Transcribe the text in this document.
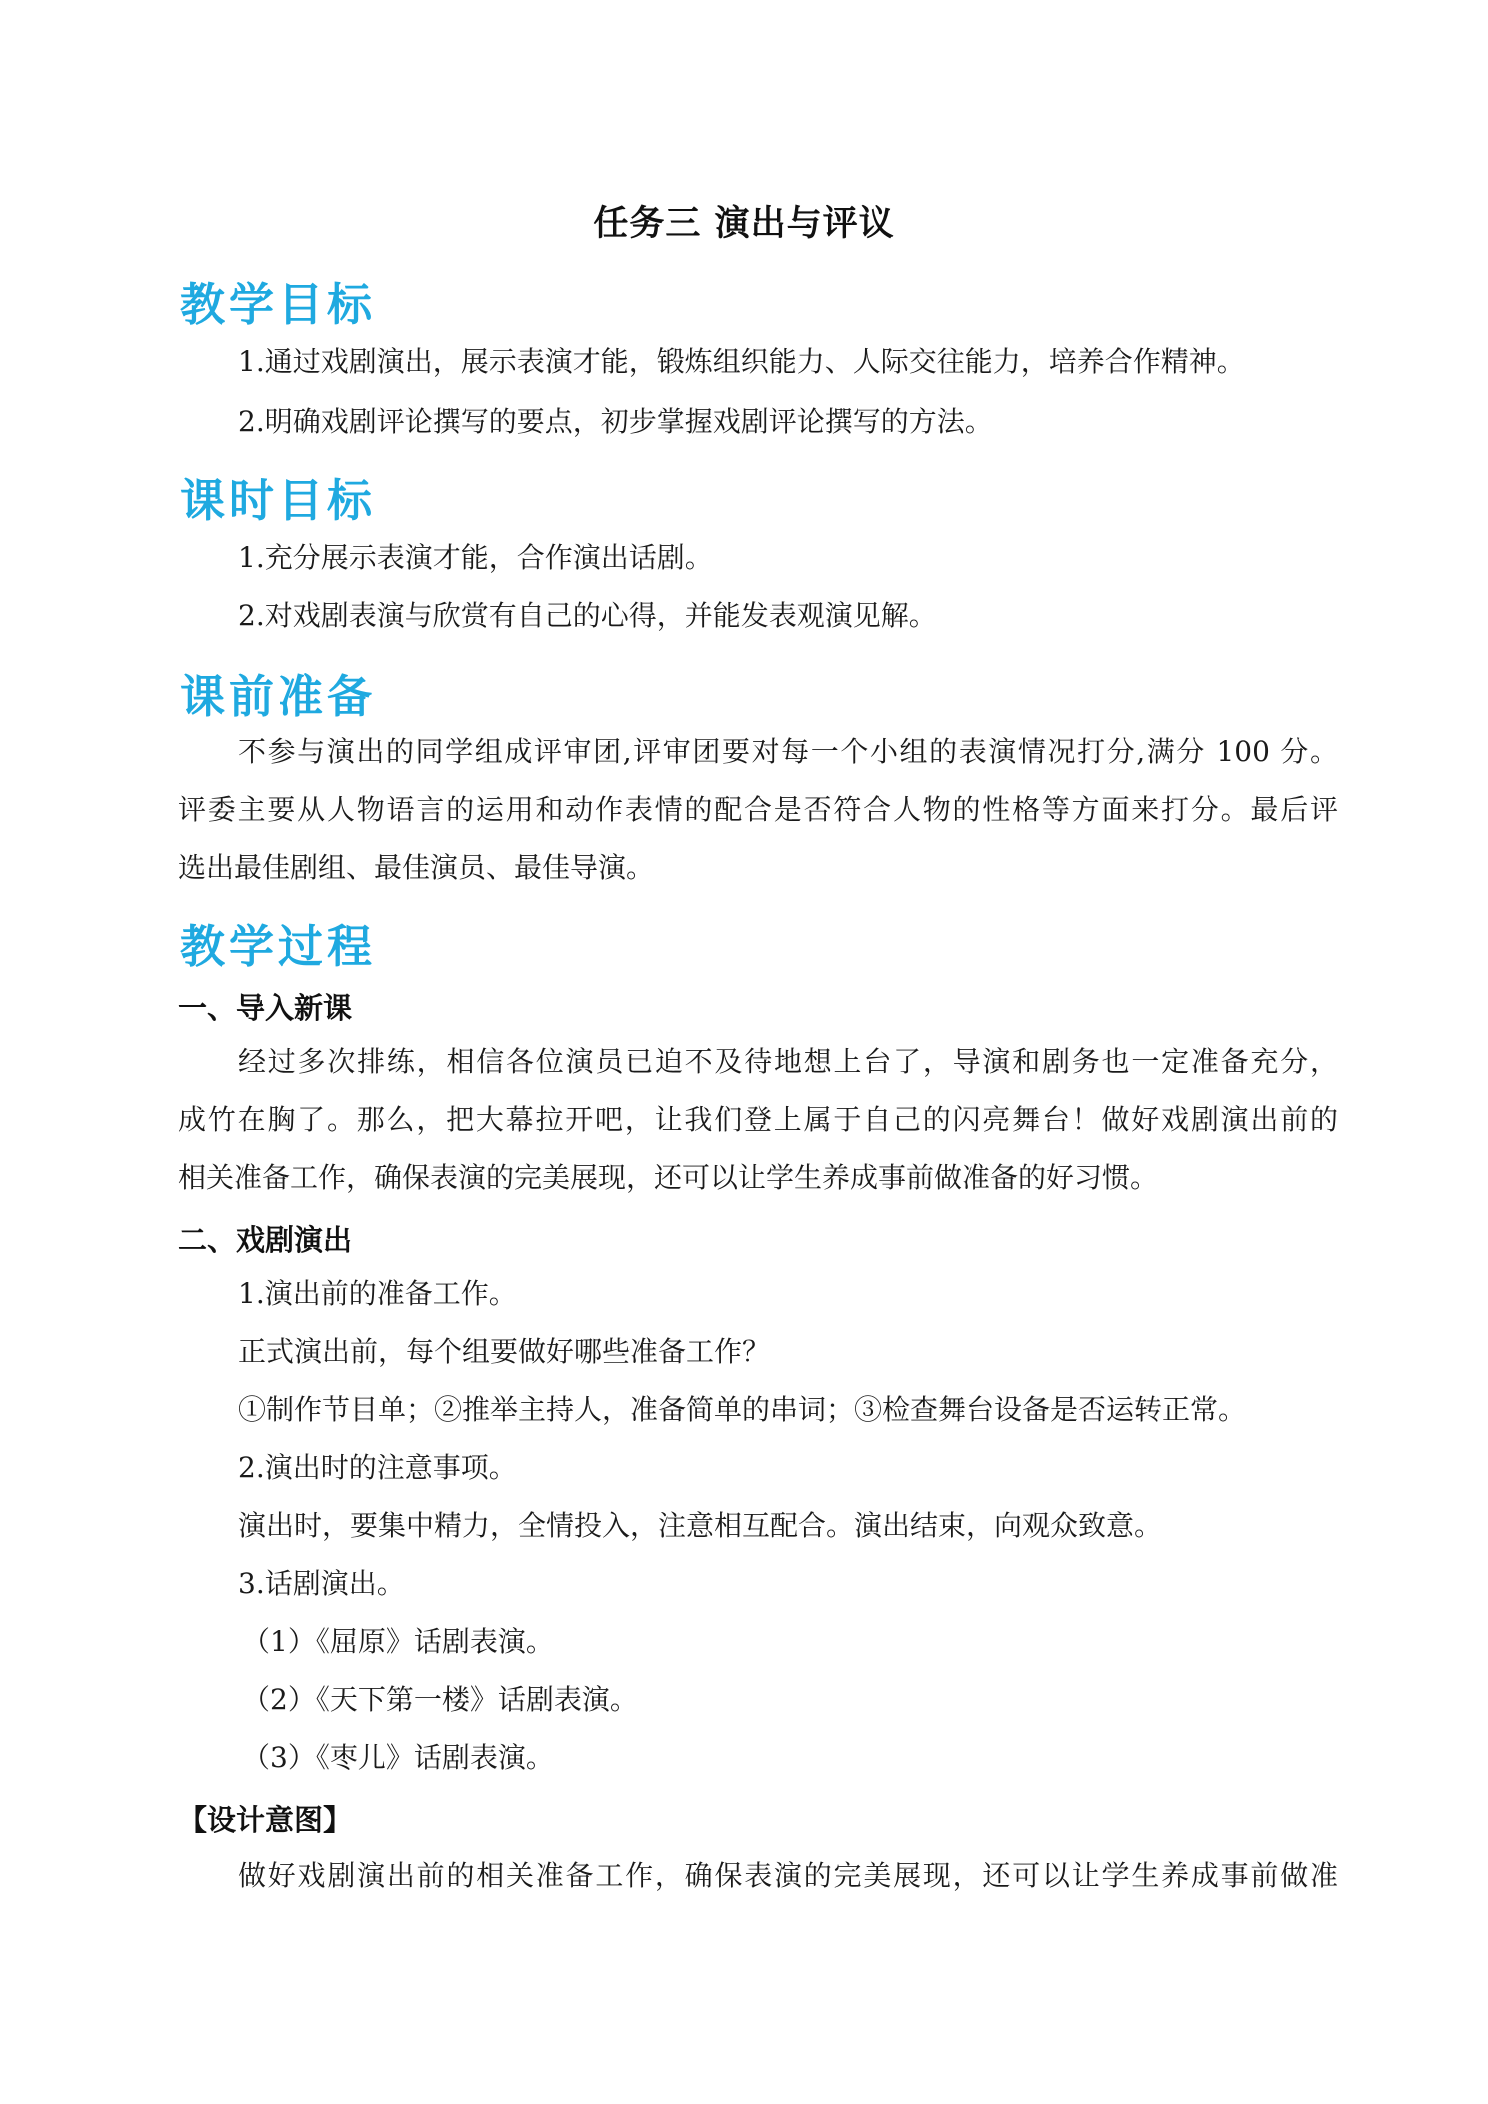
任务三 演出与评议
教学目标
1.通过戏剧演出，展示表演才能，锻炼组织能力、人际交往能力，培养合作精神。
2.明确戏剧评论撰写的要点，初步掌握戏剧评论撰写的方法。
课时目标
1.充分展示表演才能，合作演出话剧。
2.对戏剧表演与欣赏有自己的心得，并能发表观演见解。
课前准备
不参与演出的同学组成评审团,评审团要对每一个小组的表演情况打分,满分 100 分。
评委主要从人物语言的运用和动作表情的配合是否符合人物的性格等方面来打分。最后评
选出最佳剧组、最佳演员、最佳导演。
教学过程
一、导入新课
经过多次排练，相信各位演员已迫不及待地想上台了，导演和剧务也一定准备充分，
成竹在胸了。那么，把大幕拉开吧，让我们登上属于自己的闪亮舞台！做好戏剧演出前的
相关准备工作，确保表演的完美展现，还可以让学生养成事前做准备的好习惯。
二、戏剧演出
1.演出前的准备工作。
正式演出前，每个组要做好哪些准备工作？
①制作节目单；②推举主持人，准备简单的串词；③检查舞台设备是否运转正常。
2.演出时的注意事项。
演出时，要集中精力，全情投入，注意相互配合。演出结束，向观众致意。
3.话剧演出。
（1）《屈原》话剧表演。
（2）《天下第一楼》话剧表演。
（3）《枣儿》话剧表演。
【设计意图】
做好戏剧演出前的相关准备工作，确保表演的完美展现，还可以让学生养成事前做准
